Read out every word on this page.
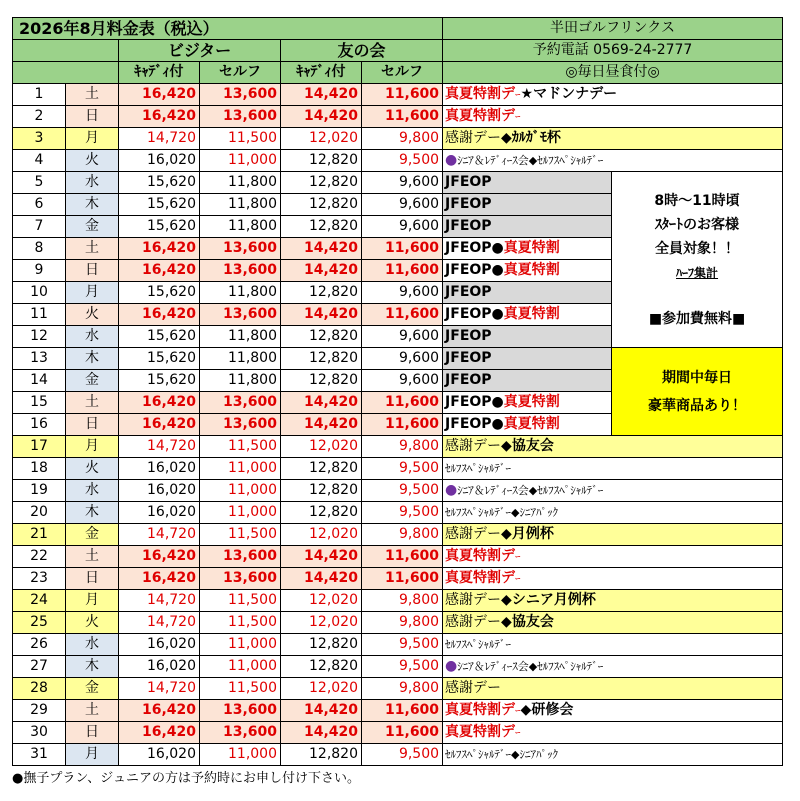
2026年8月料金表（税込）						半田ゴルフリンクス	
		ビジター		友の会		予約電話 0569-24-2777	
		ｷｬﾃﾞｨ付	セルフ	ｷｬﾃﾞｨ付	セルフ	◎毎日昼食付◎	
1	土	16,420	13,600	14,420	11,600	真夏特割デｰ★マドンナデー	
2	日	16,420	13,600	14,420	11,600	真夏特割デｰ	
3	月	14,720	11,500	12,020	9,800	感謝デー◆ｶﾙｶﾞﾓ杯	
4	火	16,020	11,000	12,820	9,500	●ｼﾆｱ＆ﾚﾃﾞｨｰｽ会◆ｾﾙﾌｽﾍﾟｼｬﾙﾃﾞｰ	
5	水	15,620	11,800	12,820	9,600	JFEOP	8時～11時頃
ｽﾀｰﾄのお客様
全員対象！！
ﾊｰﾌ集計
■参加費無料■

6	木	15,620	11,800	12,820	9,600	JFEOP	
7	金	15,620	11,800	12,820	9,600	JFEOP	
8	土	16,420	13,600	14,420	11,600	JFEOP●真夏特割	
9	日	16,420	13,600	14,420	11,600	JFEOP●真夏特割	
10	月	15,620	11,800	12,820	9,600	JFEOP	
11	火	16,420	13,600	14,420	11,600	JFEOP●真夏特割	
12	水	15,620	11,800	12,820	9,600	JFEOP	
13	木	15,620	11,800	12,820	9,600	JFEOP	期間中毎日
豪華商品あり！

14	金	15,620	11,800	12,820	9,600	JFEOP	
15	土	16,420	13,600	14,420	11,600	JFEOP●真夏特割	
16	日	16,420	13,600	14,420	11,600	JFEOP●真夏特割	
17	月	14,720	11,500	12,020	9,800	感謝デー◆協友会	
18	火	16,020	11,000	12,820	9,500	ｾﾙﾌｽﾍﾟｼｬﾙﾃﾞｰ	
19	水	16,020	11,000	12,820	9,500	●ｼﾆｱ＆ﾚﾃﾞｨｰｽ会◆ｾﾙﾌｽﾍﾟｼｬﾙﾃﾞｰ	
20	木	16,020	11,000	12,820	9,500	ｾﾙﾌｽﾍﾟｼｬﾙﾃﾞｰ◆ｼﾆｱﾊﾟｯｸ	
21	金	14,720	11,500	12,020	9,800	感謝デー◆月例杯	
22	土	16,420	13,600	14,420	11,600	真夏特割デｰ	
23	日	16,420	13,600	14,420	11,600	真夏特割デｰ	
24	月	14,720	11,500	12,020	9,800	感謝デー◆シニア月例杯	
25	火	14,720	11,500	12,020	9,800	感謝デー◆協友会	
26	水	16,020	11,000	12,820	9,500	ｾﾙﾌｽﾍﾟｼｬﾙﾃﾞｰ	
27	木	16,020	11,000	12,820	9,500	●ｼﾆｱ＆ﾚﾃﾞｨｰｽ会◆ｾﾙﾌｽﾍﾟｼｬﾙﾃﾞｰ	
28	金	14,720	11,500	12,020	9,800	感謝デー	
29	土	16,420	13,600	14,420	11,600	真夏特割デｰ◆研修会	
30	日	16,420	13,600	14,420	11,600	真夏特割デｰ	
31	月	16,020	11,000	12,820	9,500	ｾﾙﾌｽﾍﾟｼｬﾙﾃﾞｰ◆ｼﾆｱﾊﾟｯｸ	
●撫子プラン、ジュニアの方は予約時にお申し付け下さい。
